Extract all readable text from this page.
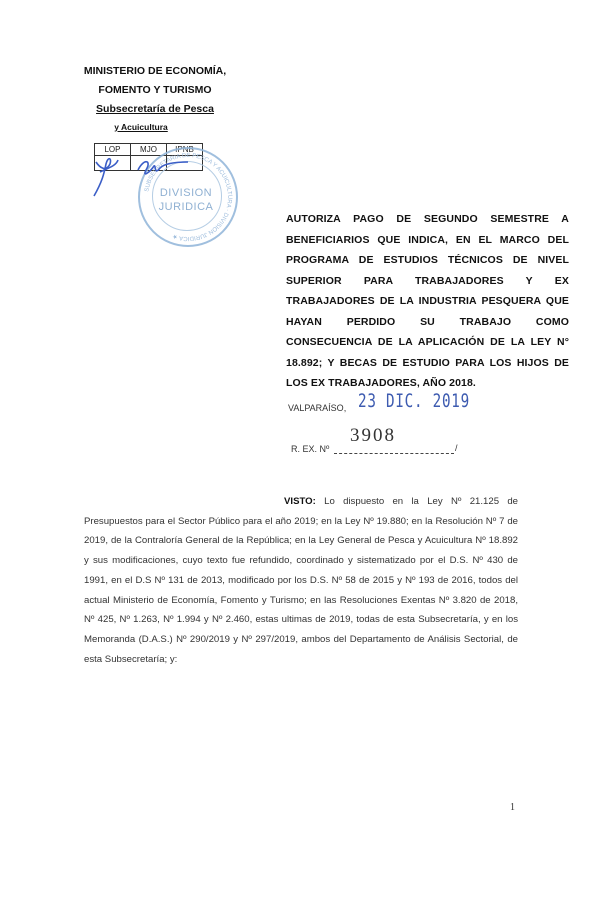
MINISTERIO DE ECONOMÍA,
FOMENTO Y TURISMO
Subsecretaría de Pesca
y Acuicultura
LOP	MJO	IPNB

DIVISION
JURIDICA
SUBSECRETARIA DE PESCA Y ACUICULTURA · DIVISION JURIDICA ★
AUTORIZA PAGO DE SEGUNDO SEMESTRE A BENEFICIARIOS QUE INDICA, EN EL MARCO DEL PROGRAMA DE ESTUDIOS TÉCNICOS DE NIVEL SUPERIOR PARA TRABAJADORES Y EX TRABAJADORES DE LA INDUSTRIA PESQUERA QUE HAYAN PERDIDO SU TRABAJO COMO CONSECUENCIA DE LA APLICACIÓN DE LA LEY N° 18.892; Y BECAS DE ESTUDIO PARA LOS HIJOS DE LOS EX TRABAJADORES, AÑO 2018.
VALPARAÍSO, 23 DIC. 2019
3908
R. EX. Nº	/
VISTO: Lo dispuesto en la Ley Nº 21.125 de Presupuestos para el Sector Público para el año 2019; en la Ley Nº 19.880; en la Resolución Nº 7 de 2019, de la Contraloría General de la República; en la Ley General de Pesca y Acuicultura Nº 18.892 y sus modificaciones, cuyo texto fue refundido, coordinado y sistematizado por el D.S. Nº 430 de 1991, en el D.S Nº 131 de 2013, modificado por los D.S. Nº 58 de 2015 y Nº 193 de 2016, todos del actual Ministerio de Economía, Fomento y Turismo; en las Resoluciones Exentas Nº 3.820 de 2018, Nº 425, Nº 1.263, Nº 1.994 y Nº 2.460, estas ultimas de 2019, todas de esta Subsecretaría, y en los Memoranda (D.A.S.) Nº 290/2019 y Nº 297/2019, ambos del Departamento de Análisis Sectorial, de esta Subsecretaría; y:
1
